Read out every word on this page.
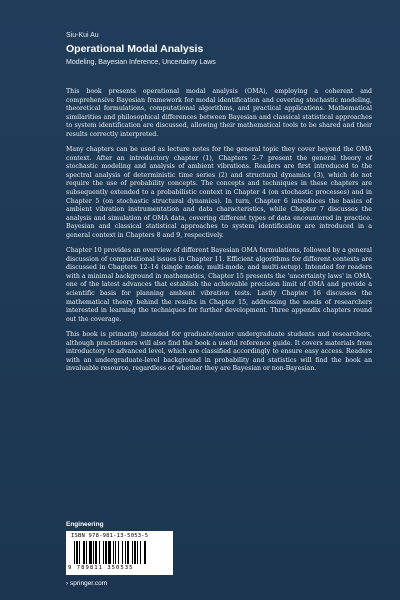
Siu-Kui Au

Operational Modal Analysis

Modeling, Bayesian Inference, Uncertainty Laws

This book presents operational modal analysis (OMA), employing a coherent and comprehensive Bayesian framework for modal identification and covering stochastic modeling, theoretical formulations, computational algorithms, and practical applications. Mathematical similarities and philosophical differences between Bayesian and classical statistical approaches to system identification are discussed, allowing their mathematical tools to be shared and their results correctly interpreted.

Many chapters can be used as lecture notes for the general topic they cover beyond the OMA context. After an introductory chapter (1), Chapters 2–7 present the general theory of stochastic modeling and analysis of ambient vibrations. Readers are first introduced to the spectral analysis of deterministic time series (2) and structural dynamics (3), which do not require the use of probability concepts. The concepts and techniques in these chapters are subsequently extended to a probabilistic context in Chapter 4 (on stochastic processes) and in Chapter 5 (on stochastic structural dynamics). In turn, Chapter 6 introduces the basics of ambient vibration instrumentation and data characteristics, while Chapter 7 discusses the analysis and simulation of OMA data, covering different types of data encountered in practice. Bayesian and classical statistical approaches to system identification are introduced in a general context in Chapters 8 and 9, respectively.

Chapter 10 provides an overview of different Bayesian OMA formulations, followed by a general discussion of computational issues in Chapter 11. Efficient algorithms for different contexts are discussed in Chapters 12–14 (single mode, multi-mode, and multi-setup). Intended for readers with a minimal background in mathematics, Chapter 15 presents the 'uncertainty laws' in OMA, one of the latest advances that establish the achievable precision limit of OMA and provide a scientific basis for planning ambient vibration tests. Lastly Chapter 16 discusses the mathematical theory behind the results in Chapter 15, addressing the needs of researchers interested in learning the techniques for further development. Three appendix chapters round out the coverage.

This book is primarily intended for graduate/senior undergraduate students and researchers, although practitioners will also find the book a useful reference guide. It covers materials from introductory to advanced level, which are classified accordingly to ensure easy access. Readers with an undergraduate-level background in probability and statistics will find the book an invaluable resource, regardless of whether they are Bayesian or non-Bayesian.

Engineering
ISBN 978-981-13-5053-5
9 789811 350535
› springer.com
